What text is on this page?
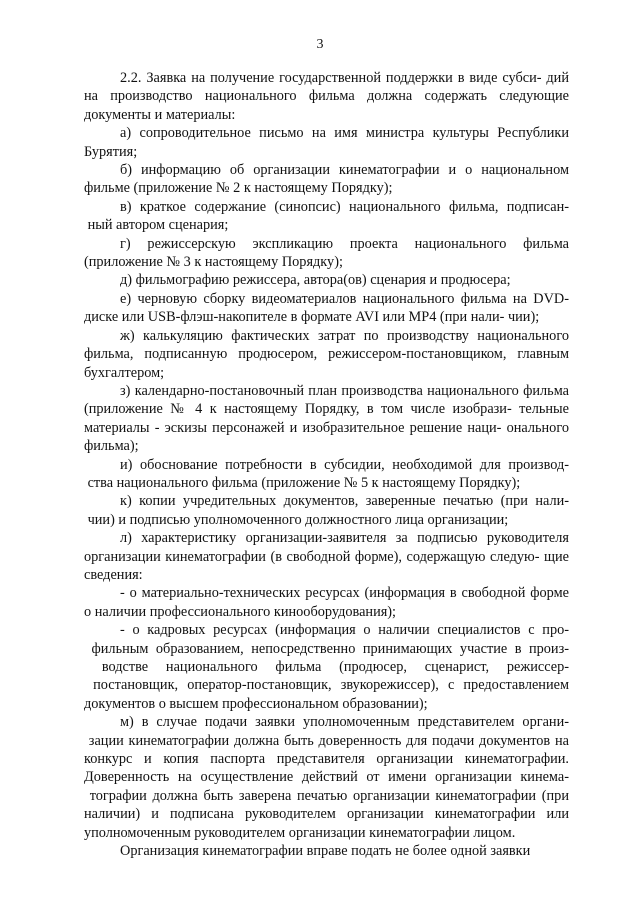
3

2.2. Заявка на получение государственной поддержки в виде субси- дий на производство национального фильма должна содержать следующие документы и материалы:

а) сопроводительное письмо на имя министра культуры Республики Бурятия;

б) информацию об организации кинематографии и о национальном фильме (приложение № 2 к настоящему Порядку);

в) краткое содержание (синопсис) национального фильма, подписан- ный автором сценария;

г) режиссерскую экспликацию проекта национального фильма (приложение № 3 к настоящему Порядку);

д) фильмографию режиссера, автора(ов) сценария и продюсера;

е) черновую сборку видеоматериалов национального фильма на DVD-диске или USB-флэш-накопителе в формате AVI или MP4 (при нали- чии);

ж) калькуляцию фактических затрат по производству национального фильма, подписанную продюсером, режиссером-постановщиком, главным бухгалтером;

з) календарно-постановочный план производства национального фильма (приложение № 4 к настоящему Порядку, в том числе изобрази- тельные материалы - эскизы персонажей и изобразительное решение наци- онального фильма);

и) обоснование потребности в субсидии, необходимой для производ- ства национального фильма (приложение № 5 к настоящему Порядку);

к) копии учредительных документов, заверенные печатью (при нали- чии) и подписью уполномоченного должностного лица организации;

л) характеристику организации-заявителя за подписью руководителя организации кинематографии (в свободной форме), содержащую следую- щие сведения:

- о материально-технических ресурсах (информация в свободной форме о наличии профессионального кинооборудования);

- о кадровых ресурсах (информация о наличии специалистов с про- фильным образованием, непосредственно принимающих участие в произ- водстве национального фильма (продюсер, сценарист, режиссер- постановщик, оператор-постановщик, звукорежиссер), с предоставлением документов о высшем профессиональном образовании);

м) в случае подачи заявки уполномоченным представителем органи- зации кинематографии должна быть доверенность для подачи документов на конкурс и копия паспорта представителя организации кинематографии. Доверенность на осуществление действий от имени организации кинема- тографии должна быть заверена печатью организации кинематографии (при наличии) и подписана руководителем организации кинематографии или уполномоченным руководителем организации кинематографии лицом.

Организация кинематографии вправе подать не более одной заявки
